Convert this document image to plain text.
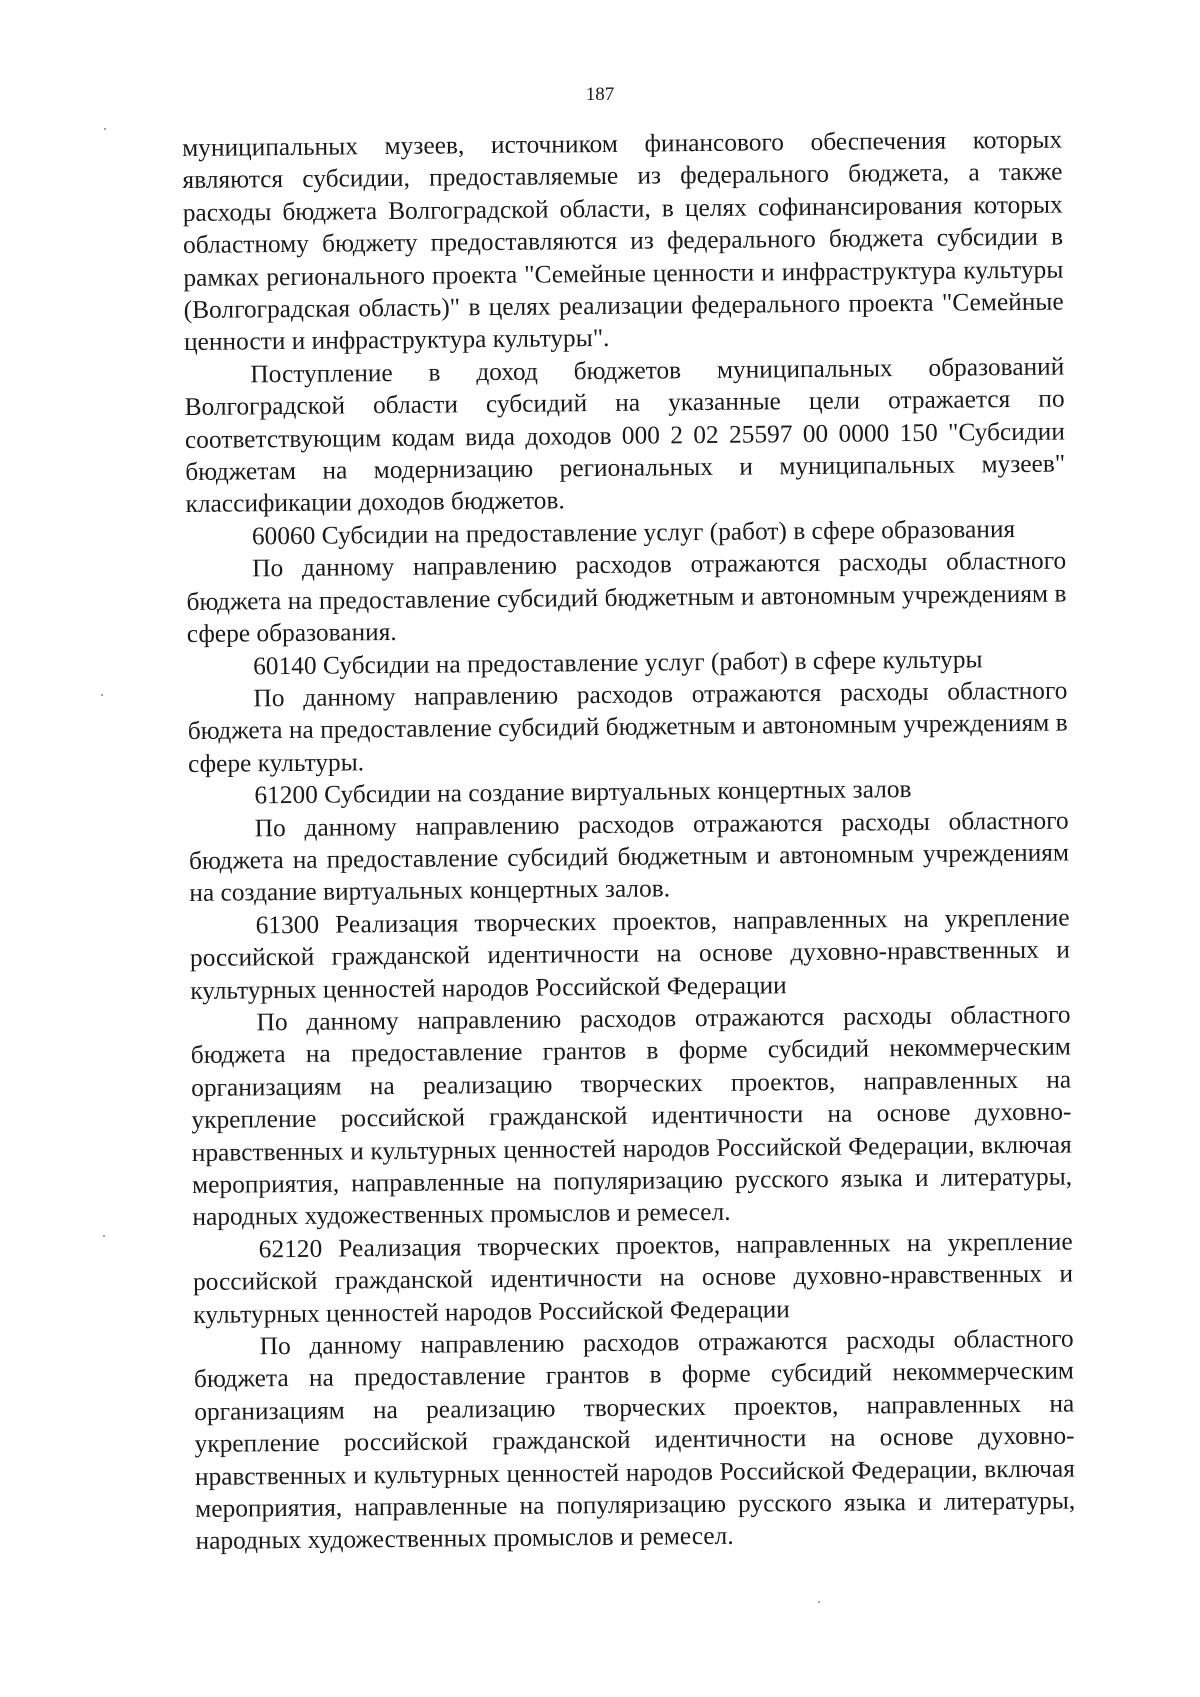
187

муниципальных музеев, источником финансового обеспечения которых являются субсидии, предоставляемые из федерального бюджета, а также расходы бюджета Волгоградской области, в целях софинансирования которых областному бюджету предоставляются из федерального бюджета субсидии в рамках регионального проекта "Семейные ценности и инфраструктура культуры (Волгоградская область)" в целях реализации федерального проекта "Семейные ценности и инфраструктура культуры".

Поступление в доход бюджетов муниципальных образований Волгоградской области субсидий на указанные цели отражается по соответствующим кодам вида доходов 000 2 02 25597 00 0000 150 "Субсидии бюджетам на модернизацию региональных и муниципальных музеев" классификации доходов бюджетов.

60060 Субсидии на предоставление услуг (работ) в сфере образования

По данному направлению расходов отражаются расходы областного бюджета на предоставление субсидий бюджетным и автономным учреждениям в сфере образования.

60140 Субсидии на предоставление услуг (работ) в сфере культуры

По данному направлению расходов отражаются расходы областного бюджета на предоставление субсидий бюджетным и автономным учреждениям в сфере культуры.

61200 Субсидии на создание виртуальных концертных залов

По данному направлению расходов отражаются расходы областного бюджета на предоставление субсидий бюджетным и автономным учреждениям на создание виртуальных концертных залов.

61300 Реализация творческих проектов, направленных на укрепление российской гражданской идентичности на основе духовно-нравственных и культурных ценностей народов Российской Федерации

По данному направлению расходов отражаются расходы областного бюджета на предоставление грантов в форме субсидий некоммерческим организациям на реализацию творческих проектов, направленных на укрепление российской гражданской идентичности на основе духовно-нравственных и культурных ценностей народов Российской Федерации, включая мероприятия, направленные на популяризацию русского языка и литературы, народных художественных промыслов и ремесел.

62120 Реализация творческих проектов, направленных на укрепление российской гражданской идентичности на основе духовно-нравственных и культурных ценностей народов Российской Федерации

По данному направлению расходов отражаются расходы областного бюджета на предоставление грантов в форме субсидий некоммерческим организациям на реализацию творческих проектов, направленных на укрепление российской гражданской идентичности на основе духовно-нравственных и культурных ценностей народов Российской Федерации, включая мероприятия, направленные на популяризацию русского языка и литературы, народных художественных промыслов и ремесел.
